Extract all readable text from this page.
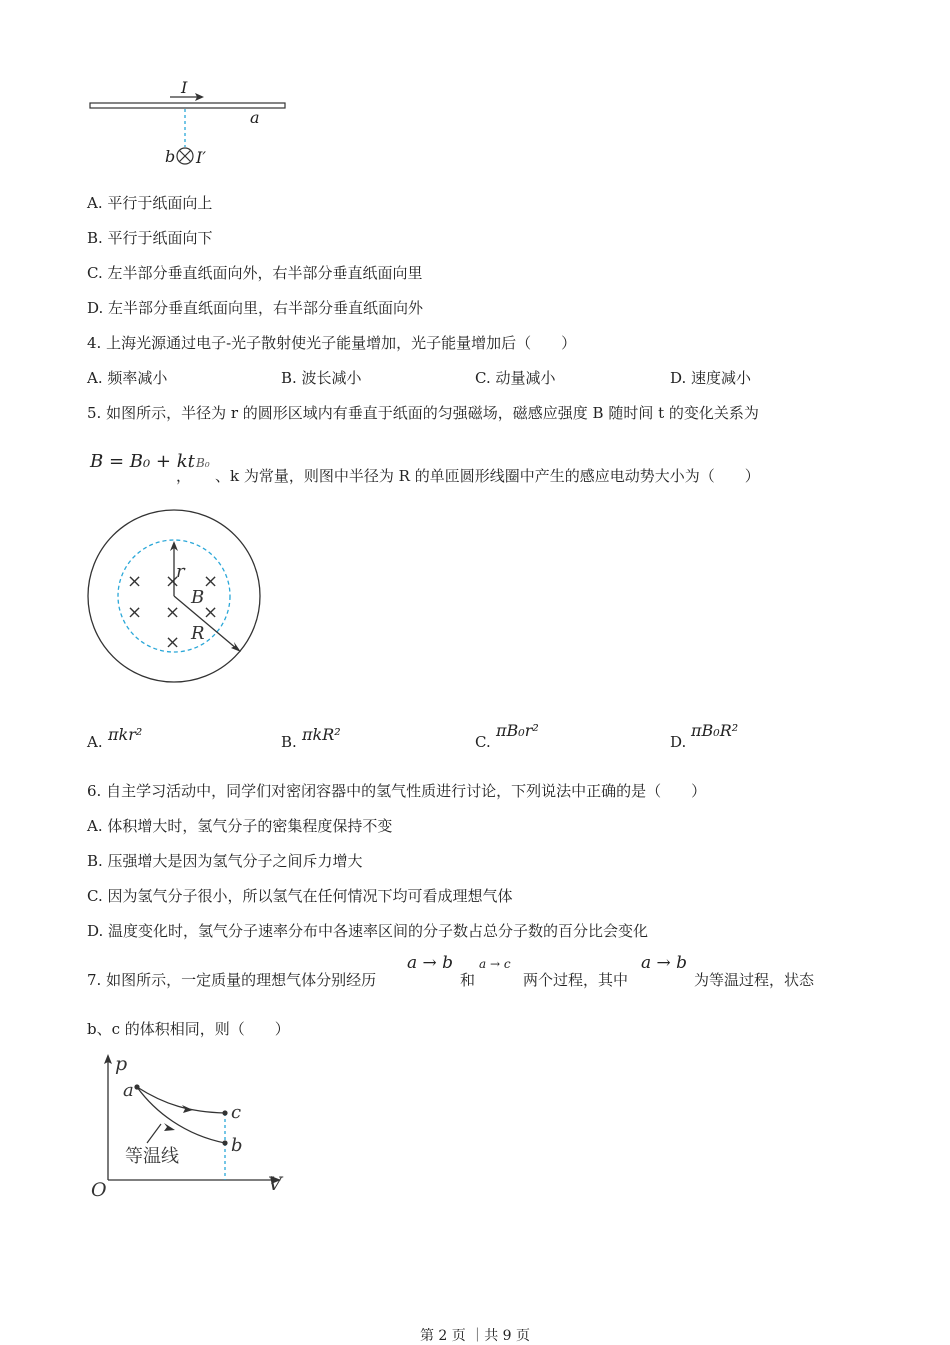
I
a
b I′
A. 平行于纸面向上
B. 平行于纸面向下
C. 左半部分垂直纸面向外，右半部分垂直纸面向里
D. 左半部分垂直纸面向里，右半部分垂直纸面向外
4. 上海光源通过电子-光子散射使光子能量增加，光子能量增加后（　　）
A. 频率减小	B. 波长减小	C. 动量减小	D. 速度减小
5. 如图所示，半径为 r 的圆形区域内有垂直于纸面的匀强磁场，磁感应强度 B 随时间 t 的变化关系为
B = B₀ + kt
，
B₀
、k 为常量，则图中半径为 R 的单匝圆形线圈中产生的感应电动势大小为（　　）
× × ×
× × ×
×
r
B
R
A. πkr²	B. πkR²	C.
πB₀r²
D.
πB₀R²
6. 自主学习活动中，同学们对密闭容器中的氢气性质进行讨论，下列说法中正确的是（　　）
A. 体积增大时，氢气分子的密集程度保持不变
B. 压强增大是因为氢气分子之间斥力增大
C. 因为氢气分子很小，所以氢气在任何情况下均可看成理想气体
D. 温度变化时，氢气分子速率分布中各速率区间的分子数占总分子数的百分比会变化
7. 如图所示，一定质量的理想气体分别经历
a → b
和
a → c
两个过程，其中
a → b
为等温过程，状态
b、c 的体积相同，则（　　）
p
V
O
a
c
b
等温线
第 2 页 ｜共 9 页
